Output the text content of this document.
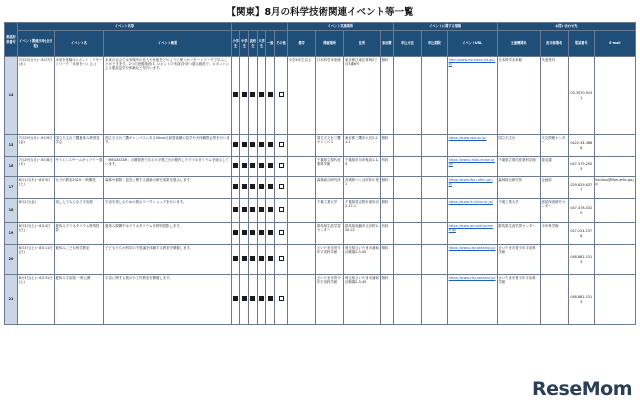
【関東】8月の科学技術関連イベント等一覧
都道府県番号	イベント名等									イベント実施場所				イベントに関する情報			お問い合わせ先			
	イベント開催日時(全日程)	イベント名	イベント概要	小学生	中学生	高校生	大学生	一般	その他	備考	開催場所	住所	参加費	申込方法	申込期限	イベントURL	主催機関名	担当部署名	電話番号	E-mail
14	7月23日(火)〜8月7日(水)	未来を体験!(ロボット・リモートワーク「未来をつくる」)	未来の社会では実施中の仕入や仕組をどのように使うかリモートワークで学ぶことができます。2つの遊覧施設(1. ロボットの実演)を持つ展示施設で、ロボットによる製品見学や体験などを行います。							小学4年生以上	日本科学未来館	東京都江東区青海2丁目3番6号	無料			http://www.miraikan.jst.go.jp/	日本科学未来館	代表受付	03-3570-9151	
15	7月29日(月)〜8月9日(金)	国立天文台三鷹夏休み特別見学会	国立天文台三鷹キャンパスにある50cm反射望遠鏡の見学や天体観察会等を行います。								国立天文台三鷹キャンパス	東京都三鷹市大沢2-21-1	無料			https://www.nao.ac.jp/	国立天文台	天文情報センター	0422-34-3688	
16	7月29日(月)〜8月8日(木)	サイエンスチームギャラリー展	「MEGASTAR」の開発者である大平貴之氏が製作したプラネタリウムを展示しています。								千葉県立現代産業科学館	千葉県市川市鬼高1-1-3	有料			https://www.chiba-muse.or.jp/	千葉県立現代産業科学館	普及課	047-379-2005	
17	8月1日(木)〜8月3日(土)	もりの教室2019 一般開放	森林や植物・昆虫に関する最新の研究成果を展示します。								森林総合研究所	茨城県つくば市松の里1	無料			https://www.ffpri.affrc.go.jp/	森林総合研究所	企画部	029-829-8377	kouhou@ffpri.affrc.go.jp
18	8月2日(金)	楽しんでみんなで宇宙展	宇宙を楽しむための展示ワークショップを行います。								千葉工業大学	千葉県習志野市津田沼2-17-1	無料			https://www.it-chiba.ac.jp/	千葉工業大学	惑星探査研究センター	047-478-0320	
19	8月3日(土)〜8月4日(日)	夏休みプラネタリウム特別投影	夏休み期間中はプラネタリウムを特別投影します。								群馬県生涯学習センター	群馬県前橋市文京町2-20-22	有料			https://www.gsl.pref.gunma.jp/	群馬県生涯学習センター	少年科学館	027-224-1578	
20	8月3日(土)〜8月11日(日)	夏休みこども科学教室	子どもたちが科学の不思議を体験する教室を開催します。								さいたま市青少年宇宙科学館	埼玉県さいたま市浦和区駒場2-3-45	無料			https://www.city.saitama.jp/	さいたま市青少年宇宙科学館		048-881-1515	
21	8月3日(土)〜8月31日(土)	夏休み宇宙展 一般公開	宇宙に関する展示や工作教室を開催します。								さいたま市青少年宇宙科学館	埼玉県さいたま市浦和区駒場2-3-45	無料			https://www.city.saitama.jp/	さいたま市青少年宇宙科学館		048-881-1515	
ReseMom
